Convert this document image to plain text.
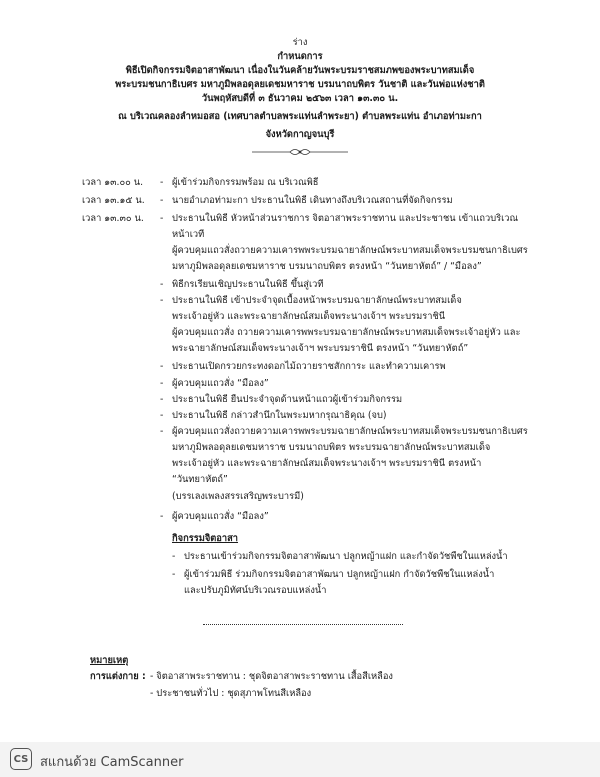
ร่าง
กำหนดการ
พิธีเปิดกิจกรรมจิตอาสาพัฒนา เนื่องในวันคล้ายวันพระบรมราชสมภพของพระบาทสมเด็จ
พระบรมชนกาธิเบศร มหาภูมิพลอดุลยเดชมหาราช บรมนาถบพิตร วันชาติ และวันพ่อแห่งชาติ
วันพฤหัสบดีที่ ๓ ธันวาคม ๒๕๖๓ เวลา ๑๓.๓๐ น.
ณ บริเวณคลองลำหมอสอ (เทศบาลตำบลพระแท่นลำพระยา) ตำบลพระแท่น อำเภอท่ามะกา
จังหวัดกาญจนบุรี
เวลา ๑๓.๐๐ น.
เวลา ๑๓.๑๕ น.
เวลา ๑๓.๓๐ น.
-
-
-
-
-
-
-
-
-
-
-
ผู้เข้าร่วมกิจกรรมพร้อม ณ บริเวณพิธี
นายอำเภอท่ามะกา ประธานในพิธี เดินทางถึงบริเวณสถานที่จัดกิจกรรม
ประธานในพิธี หัวหน้าส่วนราชการ จิตอาสาพระราชทาน และประชาชน เข้าแถวบริเวณ
หน้าเวที
ผู้ควบคุมแถวสั่งถวายความเคารพพระบรมฉายาลักษณ์พระบาทสมเด็จพระบรมชนกาธิเบศร
มหาภูมิพลอดุลยเดชมหาราช บรมนาถบพิตร ตรงหน้า “วันทยาหัตถ์” / “มือลง”
พิธีกรเรียนเชิญประธานในพิธี ขึ้นสู่เวที
ประธานในพิธี เข้าประจำจุดเบื้องหน้าพระบรมฉายาลักษณ์พระบาทสมเด็จ
พระเจ้าอยู่หัว และพระฉายาลักษณ์สมเด็จพระนางเจ้าฯ พระบรมราชินี
ผู้ควบคุมแถวสั่ง ถวายความเคารพพระบรมฉายาลักษณ์พระบาทสมเด็จพระเจ้าอยู่หัว และ
พระฉายาลักษณ์สมเด็จพระนางเจ้าฯ พระบรมราชินี ตรงหน้า “วันทยาหัตถ์”
ประธานเปิดกรวยกระทงดอกไม้ถวายราชสักการะ และทำความเคารพ
ผู้ควบคุมแถวสั่ง “มือลง”
ประธานในพิธี ยืนประจำจุดด้านหน้าแถวผู้เข้าร่วมกิจกรรม
ประธานในพิธี กล่าวสำนึกในพระมหากรุณาธิคุณ (จบ)
ผู้ควบคุมแถวสั่งถวายความเคารพพระบรมฉายาลักษณ์พระบาทสมเด็จพระบรมชนกาธิเบศร
มหาภูมิพลอดุลยเดชมหาราช บรมนาถบพิตร พระบรมฉายาลักษณ์พระบาทสมเด็จ
พระเจ้าอยู่หัว และพระฉายาลักษณ์สมเด็จพระนางเจ้าฯ พระบรมราชินี ตรงหน้า
“วันทยาหัตถ์”
(บรรเลงเพลงสรรเสริญพระบารมี)
ผู้ควบคุมแถวสั่ง “มือลง”
กิจกรรมจิตอาสา
- ประธานเข้าร่วมกิจกรรมจิตอาสาพัฒนา ปลูกหญ้าแฝก และกำจัดวัชพืชในแหล่งน้ำ
- ผู้เข้าร่วมพิธี ร่วมกิจกรรมจิตอาสาพัฒนา ปลูกหญ้าแฝก กำจัดวัชพืชในแหล่งน้ำ
และปรับภูมิทัศน์บริเวณรอบแหล่งน้ำ
หมายเหตุ
การแต่งกาย : - จิตอาสาพระราชทาน : ชุดจิตอาสาพระราชทาน เสื้อสีเหลือง
- ประชาชนทั่วไป : ชุดสุภาพโทนสีเหลือง
CS สแกนด้วย CamScanner
